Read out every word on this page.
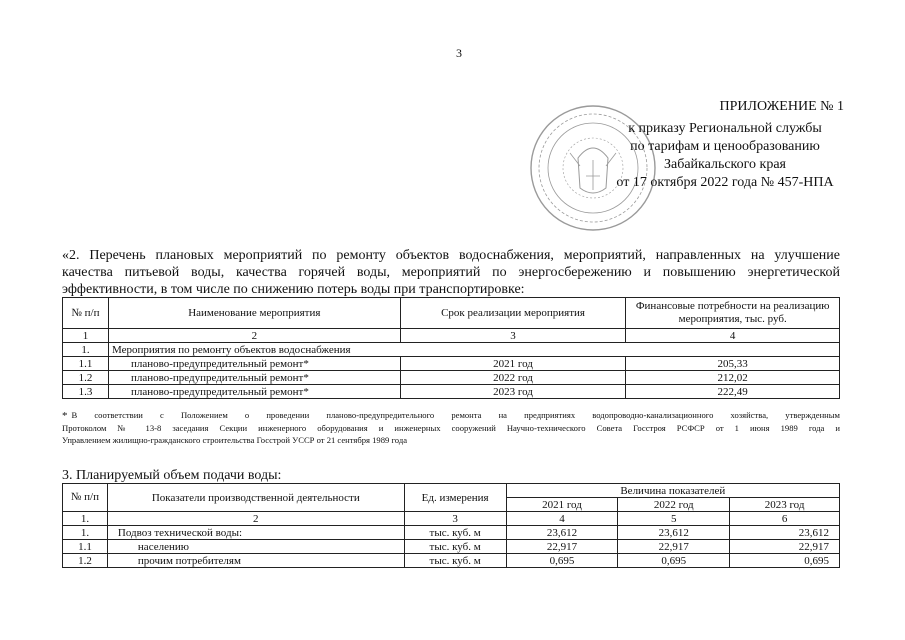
3
ПРИЛОЖЕНИЕ № 1
к приказу Региональной службы
по тарифам и ценообразованию
Забайкальского края
от 17 октября 2022 года № 457-НПА
«2. Перечень плановых мероприятий по ремонту объектов водоснабжения, мероприятий, направленных на улучшение
качества питьевой воды, качества горячей воды, мероприятий по энергосбережению и повышению энергетической
эффективности, в том числе по снижению потерь воды при транспортировке:
№ п/п	Наименование мероприятия	Срок реализации мероприятия	Финансовые потребности на реализацию мероприятия, тыс. руб.
1	2	3	4
1.	Мероприятия по ремонту объектов водоснабжения		
1.1	планово-предупредительный ремонт*	2021 год	205,33
1.2	планово-предупредительный ремонт*	2022 год	212,02
1.3	планово-предупредительный ремонт*	2023 год	222,49
* В соответствии с Положением о проведении планово-предупредительного ремонта на предприятиях водопроводно-канализационного хозяйства, утвержденным
Протоколом № 13-8 заседания Секции инженерного оборудования и инженерных сооружений Научно-технического Совета Госстроя РСФСР от 1 июня 1989 года и
Управлением жилищно-гражданского строительства Госстрой УССР от 21 сентября 1989 года
3. Планируемый объем подачи воды:
№ п/п	Показатели производственной деятельности	Ед. измерения	Величина показателей		
			2021 год	2022 год	2023 год
1.	2	3	4	5	6
1.	Подвоз технической воды:	тыс. куб. м	23,612	23,612	23,612
1.1	населению	тыс. куб. м	22,917	22,917	22,917
1.2	прочим потребителям	тыс. куб. м	0,695	0,695	0,695
